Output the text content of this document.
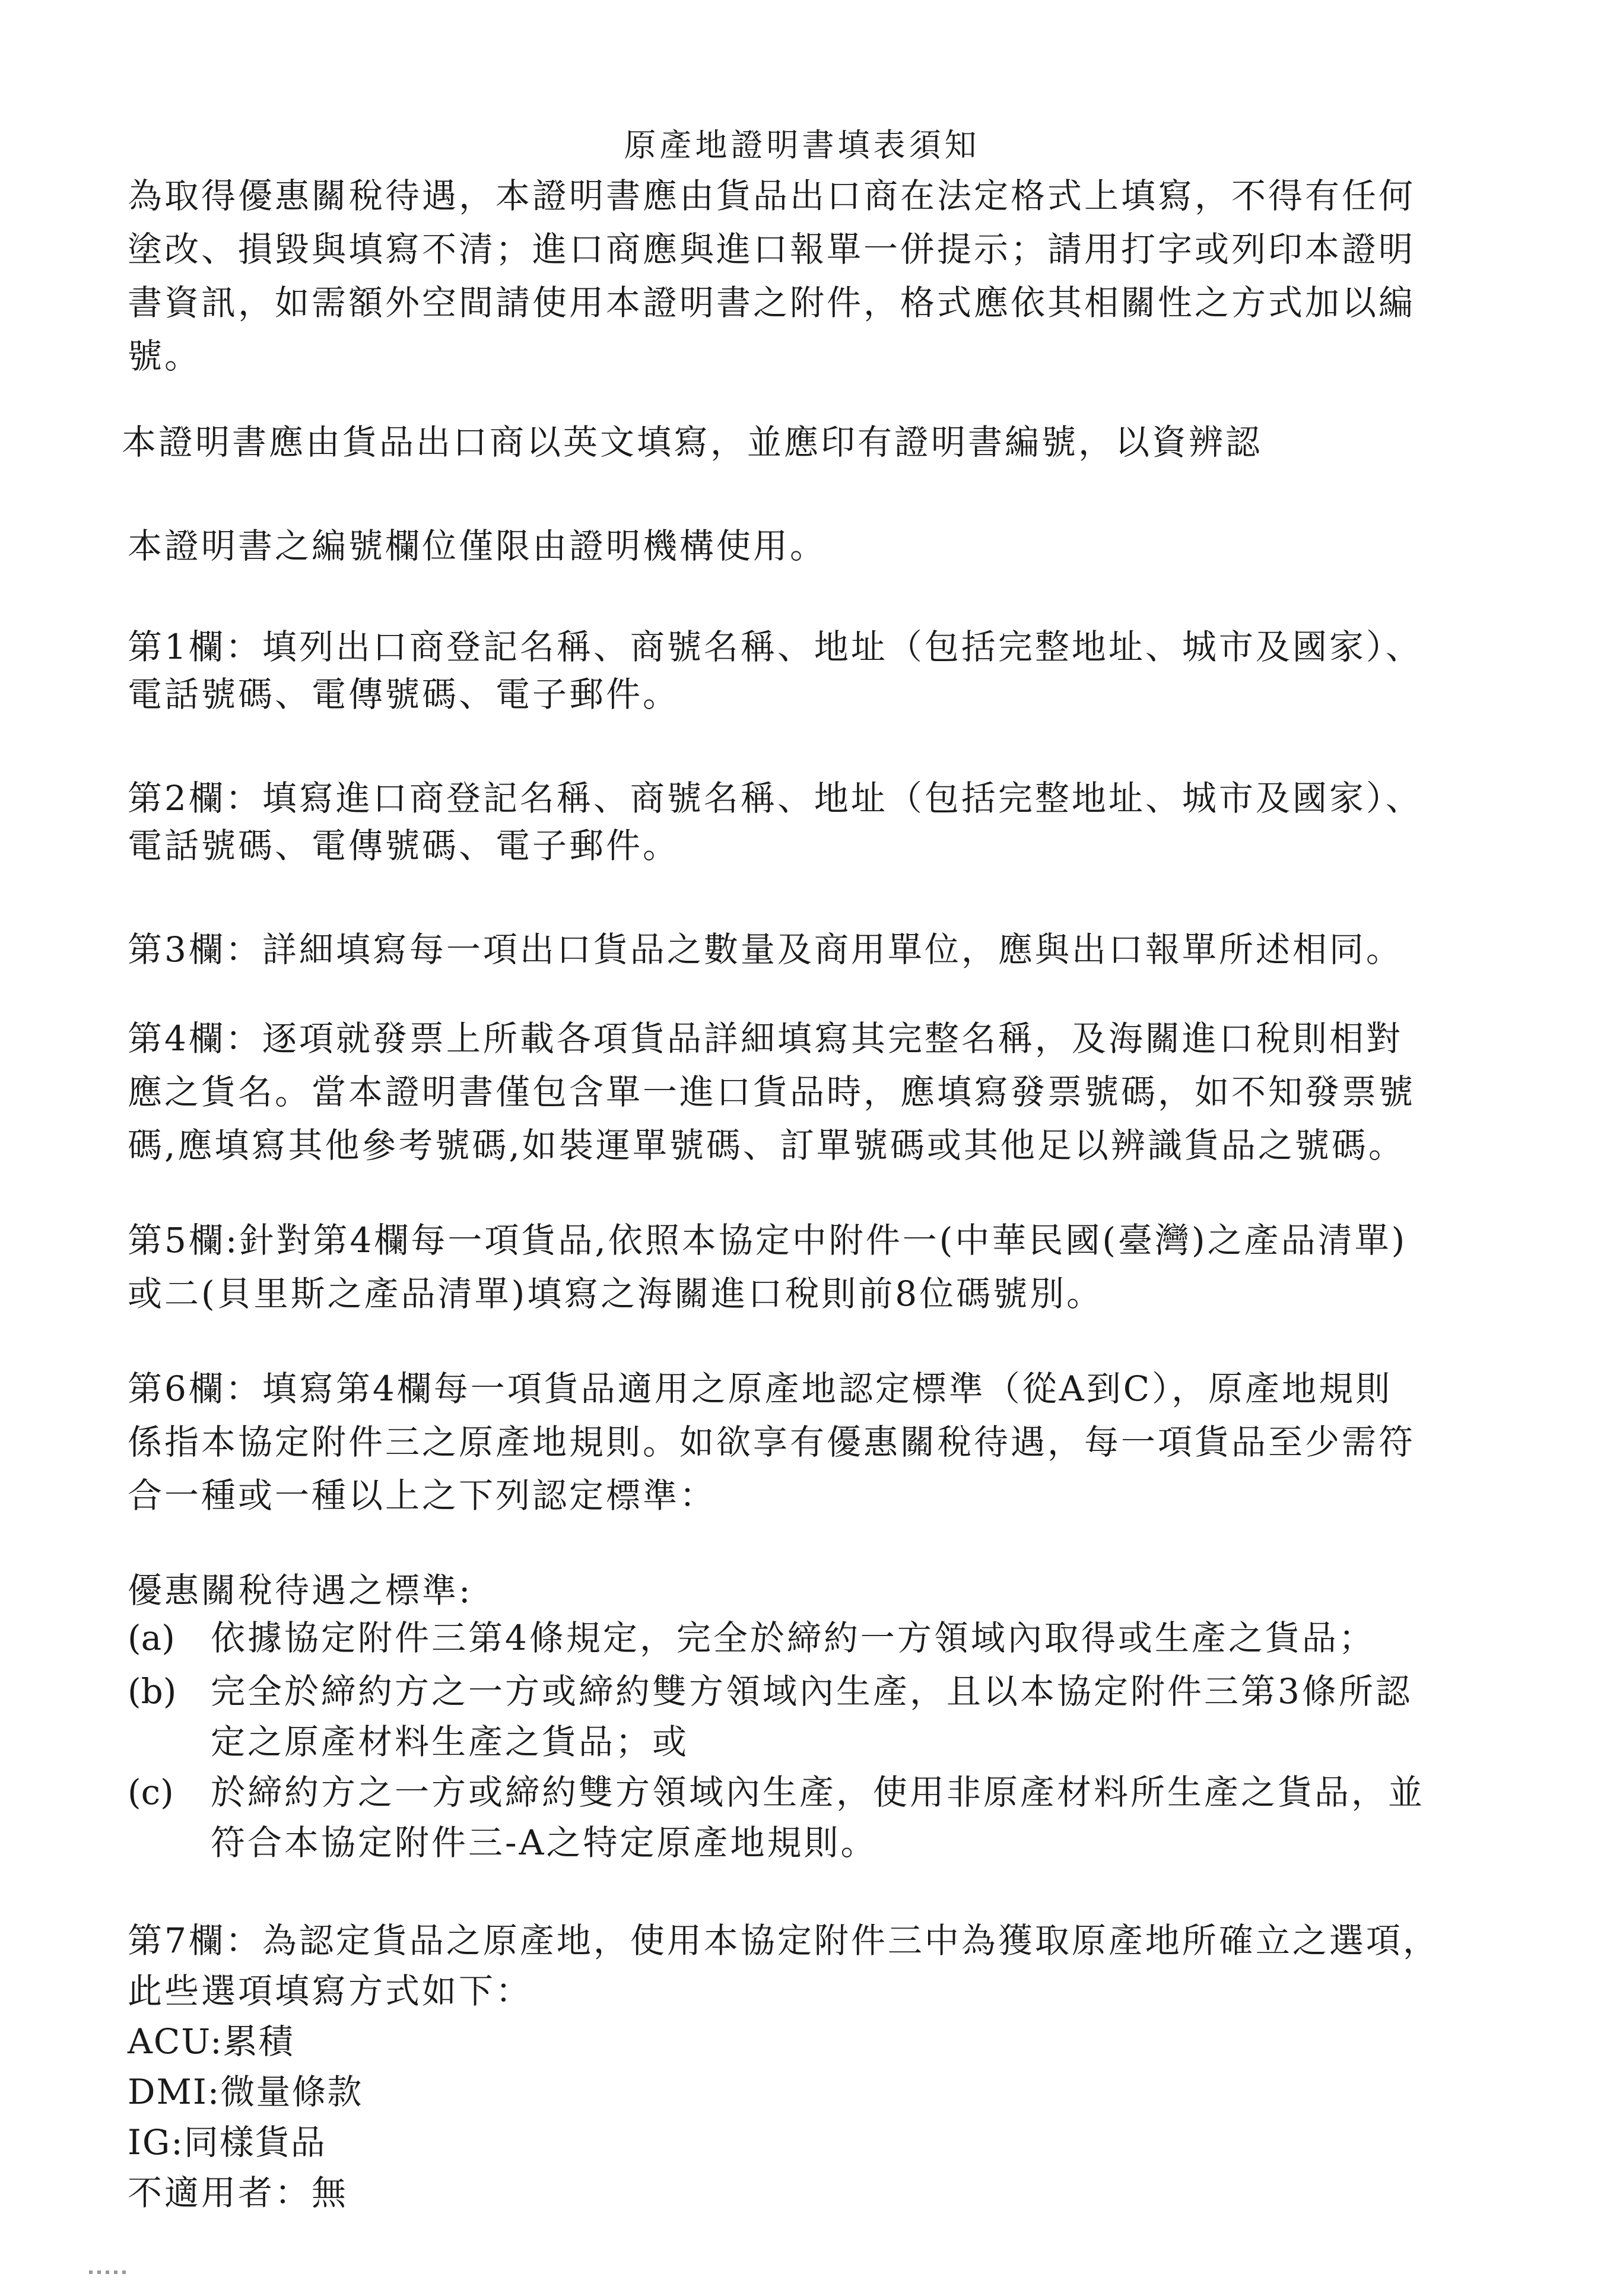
原產地證明書填表須知
為取得優惠關稅待遇，本證明書應由貨品出口商在法定格式上填寫，不得有任何
塗改、損毀與填寫不清；進口商應與進口報單一併提示；請用打字或列印本證明
書資訊，如需額外空間請使用本證明書之附件，格式應依其相關性之方式加以編
號。
本證明書應由貨品出口商以英文填寫，並應印有證明書編號，以資辨認
本證明書之編號欄位僅限由證明機構使用。
第1欄：填列出口商登記名稱、商號名稱、地址（包括完整地址、城市及國家）、
電話號碼、電傳號碼、電子郵件。
第2欄：填寫進口商登記名稱、商號名稱、地址（包括完整地址、城市及國家）、
電話號碼、電傳號碼、電子郵件。
第3欄：詳細填寫每一項出口貨品之數量及商用單位，應與出口報單所述相同。
第4欄：逐項就發票上所載各項貨品詳細填寫其完整名稱，及海關進口稅則相對
應之貨名。當本證明書僅包含單一進口貨品時，應填寫發票號碼，如不知發票號
碼,應填寫其他參考號碼,如裝運單號碼、訂單號碼或其他足以辨識貨品之號碼。
第5欄:針對第4欄每一項貨品,依照本協定中附件一(中華民國(臺灣)之產品清單)
或二(貝里斯之產品清單)填寫之海關進口稅則前8位碼號別。
第6欄：填寫第4欄每一項貨品適用之原產地認定標準（從A到C），原產地規則
係指本協定附件三之原產地規則。如欲享有優惠關稅待遇，每一項貨品至少需符
合一種或一種以上之下列認定標準：
優惠關稅待遇之標準:
(a) 依據協定附件三第4條規定，完全於締約一方領域內取得或生產之貨品；
(b) 完全於締約方之一方或締約雙方領域內生產，且以本協定附件三第3條所認
定之原產材料生產之貨品；或
(c) 於締約方之一方或締約雙方領域內生產，使用非原產材料所生產之貨品，並
符合本協定附件三-A之特定原產地規則。
第7欄：為認定貨品之原產地，使用本協定附件三中為獲取原產地所確立之選項，
此些選項填寫方式如下：
ACU:累積
DMI:微量條款
IG:同樣貨品
不適用者：無
